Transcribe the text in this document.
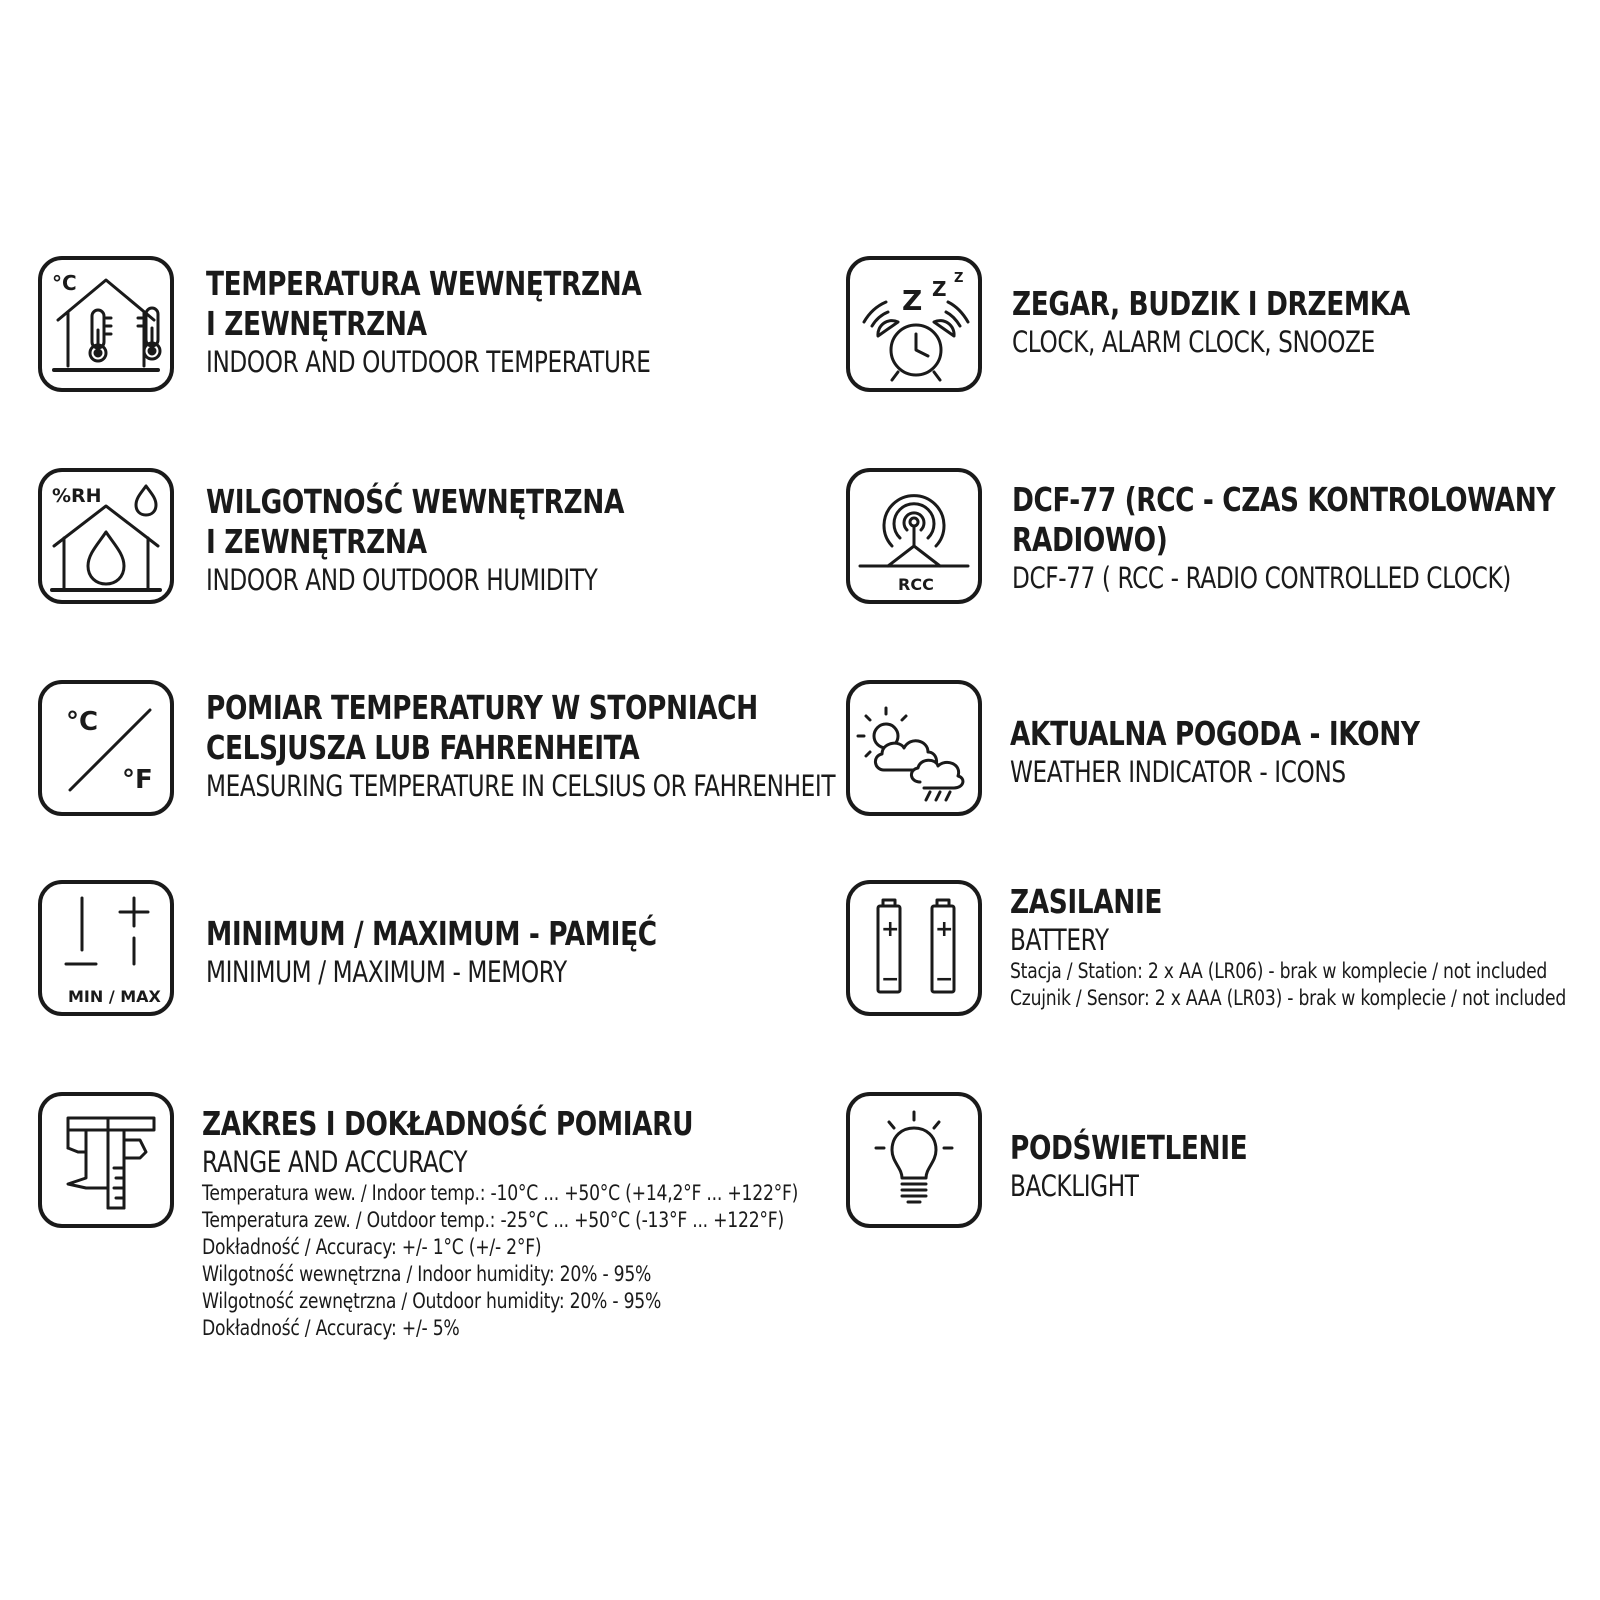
°C	TEMPERATURA WEWNĘTRZNA
I ZEWNĘTRZNA
INDOOR AND OUTDOOR TEMPERATURE
%RH	WILGOTNOŚĆ WEWNĘTRZNA
I ZEWNĘTRZNA
INDOOR AND OUTDOOR HUMIDITY
°C
°F
POMIAR TEMPERATURY W STOPNIACH
CELSJUSZA LUB FAHRENHEITA
MEASURING TEMPERATURE IN CELSIUS OR FAHRENHEIT
MIN / MAX
MINIMUM / MAXIMUM - PAMIĘĆ
MINIMUM / MAXIMUM - MEMORY
ZAKRES I DOKŁADNOŚĆ POMIARU
RANGE AND ACCURACY
Temperatura wew. / Indoor temp.: -10°C ... +50°C (+14,2°F ... +122°F)
Temperatura zew. / Outdoor temp.: -25°C ... +50°C (-13°F ... +122°F)
Dokładność / Accuracy: +/- 1°C (+/- 2°F)
Wilgotność wewnętrzna / Indoor humidity: 20% - 95%
Wilgotność zewnętrzna / Outdoor humidity: 20% - 95%
Dokładność / Accuracy: +/- 5%
Z Z Z
ZEGAR, BUDZIK I DRZEMKA
CLOCK, ALARM CLOCK, SNOOZE
RCC
DCF-77 (RCC - CZAS KONTROLOWANY
RADIOWO)
DCF-77 ( RCC - RADIO CONTROLLED CLOCK)
AKTUALNA POGODA - IKONY
WEATHER INDICATOR - ICONS
+ +
− −
ZASILANIE
BATTERY
Stacja / Station: 2 x AA (LR06) - brak w komplecie / not included
Czujnik / Sensor: 2 x AAA (LR03) - brak w komplecie / not included
PODŚWIETLENIE
BACKLIGHT
